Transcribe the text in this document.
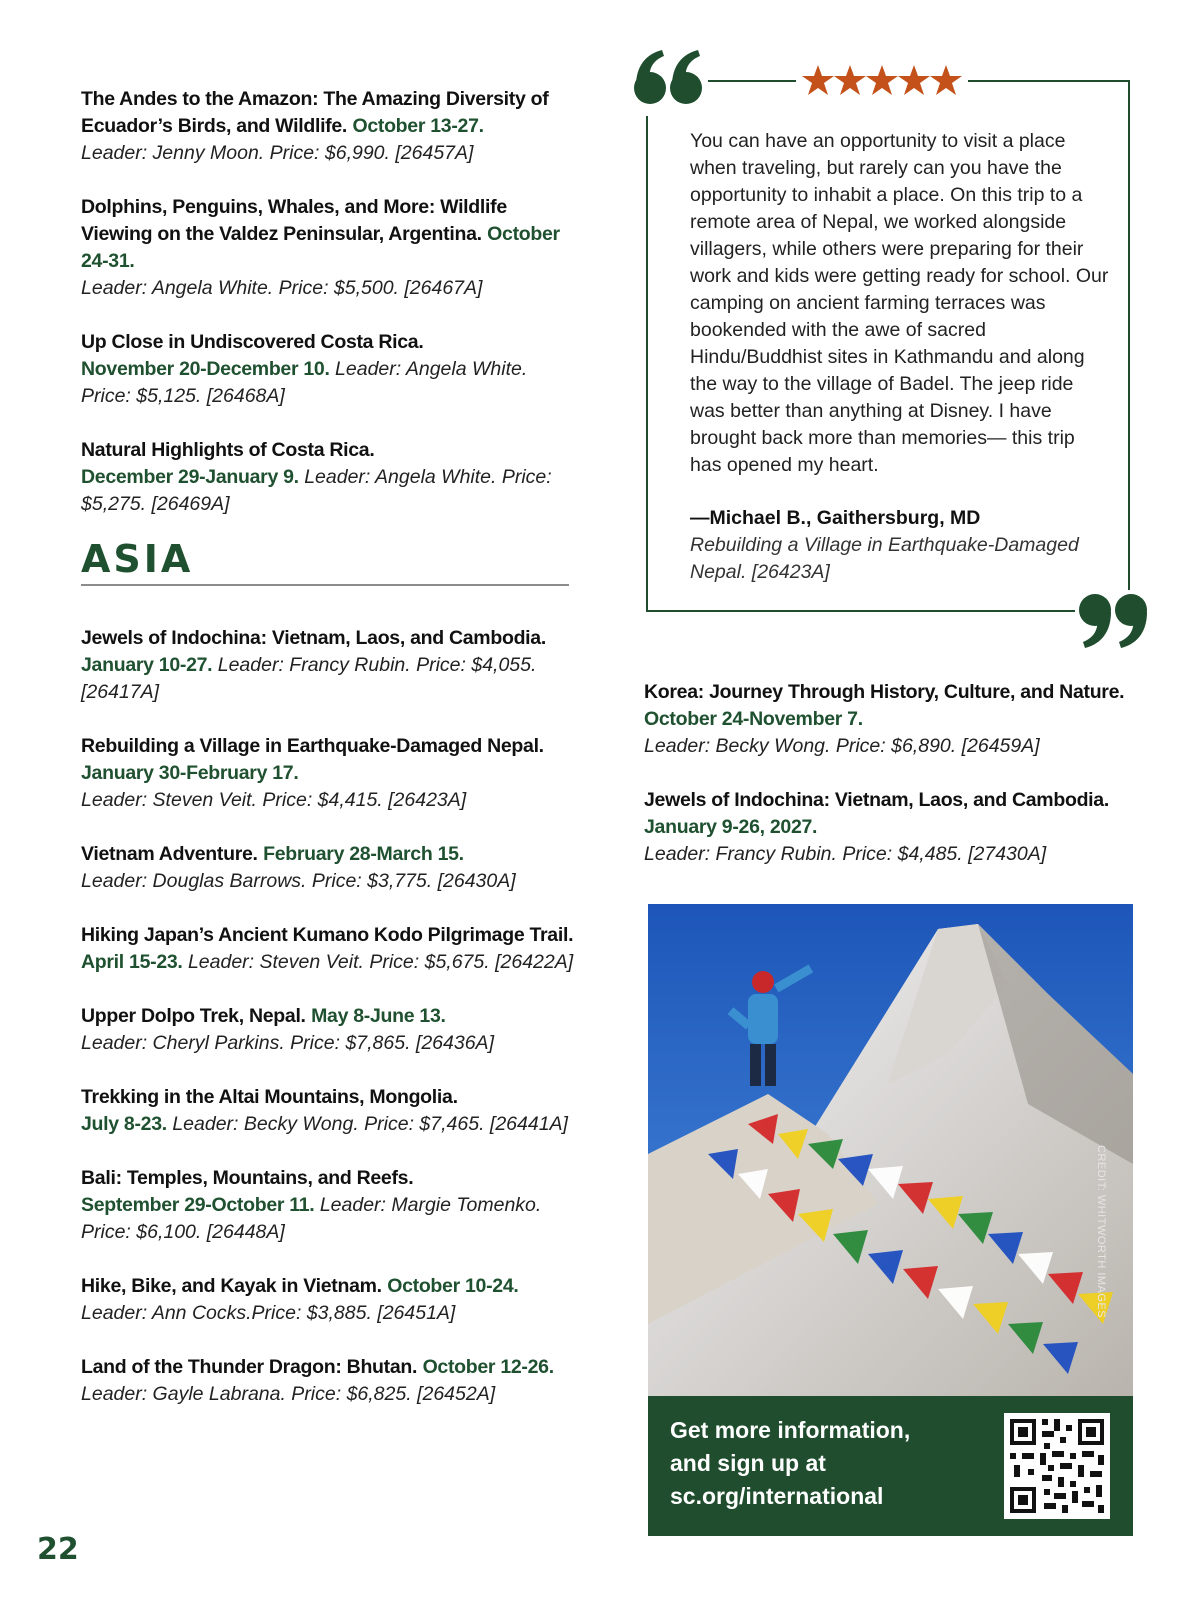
The Andes to the Amazon: The Amazing Diversity of Ecuador’s Birds, and Wildlife. October 13-27.
Leader: Jenny Moon. Price: $6,990. [26457A]
Dolphins, Penguins, Whales, and More: Wildlife Viewing on the Valdez Peninsular, Argentina. October 24-31.
Leader: Angela White. Price: $5,500. [26467A]
Up Close in Undiscovered Costa Rica.
November 20-December 10. Leader: Angela White. Price: $5,125. [26468A]
Natural Highlights of Costa Rica.
December 29-January 9. Leader: Angela White. Price: $5,275. [26469A]
ASIA
Jewels of Indochina: Vietnam, Laos, and Cambodia.
January 10-27. Leader: Francy Rubin. Price: $4,055. [26417A]
Rebuilding a Village in Earthquake-Damaged Nepal.
January 30-February 17.
Leader: Steven Veit. Price: $4,415. [26423A]
Vietnam Adventure. February 28-March 15.
Leader: Douglas Barrows. Price: $3,775. [26430A]
Hiking Japan’s Ancient Kumano Kodo Pilgrimage Trail.
April 15-23. Leader: Steven Veit. Price: $5,675. [26422A]
Upper Dolpo Trek, Nepal. May 8-June 13.
Leader: Cheryl Parkins. Price: $7,865. [26436A]
Trekking in the Altai Mountains, Mongolia.
July 8-23. Leader: Becky Wong. Price: $7,465. [26441A]
Bali: Temples, Mountains, and Reefs.
September 29-October 11. Leader: Margie Tomenko. Price: $6,100. [26448A]
Hike, Bike, and Kayak in Vietnam. October 10-24.
Leader: Ann Cocks.Price: $3,885. [26451A]
Land of the Thunder Dragon: Bhutan. October 12-26.
Leader: Gayle Labrana. Price: $6,825. [26452A]
You can have an opportunity to visit a place when traveling, but rarely can you have the opportunity to inhabit a place. On this trip to a remote area of Nepal, we worked alongside villagers, while others were preparing for their work and kids were getting ready for school. Our camping on ancient farming terraces was bookended with the awe of sacred Hindu/Buddhist sites in Kathmandu and along the way to the village of Badel. The jeep ride was better than anything at Disney. I have brought back more than memories— this trip has opened my heart.
—Michael B., Gaithersburg, MD
Rebuilding a Village in Earthquake-Damaged Nepal. [26423A]
Korea: Journey Through History, Culture, and Nature.
October 24-November 7.
Leader: Becky Wong. Price: $6,890. [26459A]
Jewels of Indochina: Vietnam, Laos, and Cambodia.
January 9-26, 2027.
Leader: Francy Rubin. Price: $4,485. [27430A]
CREDIT: WHITWORTH IMAGES
Get more information, and sign up at sc.org/international
22
